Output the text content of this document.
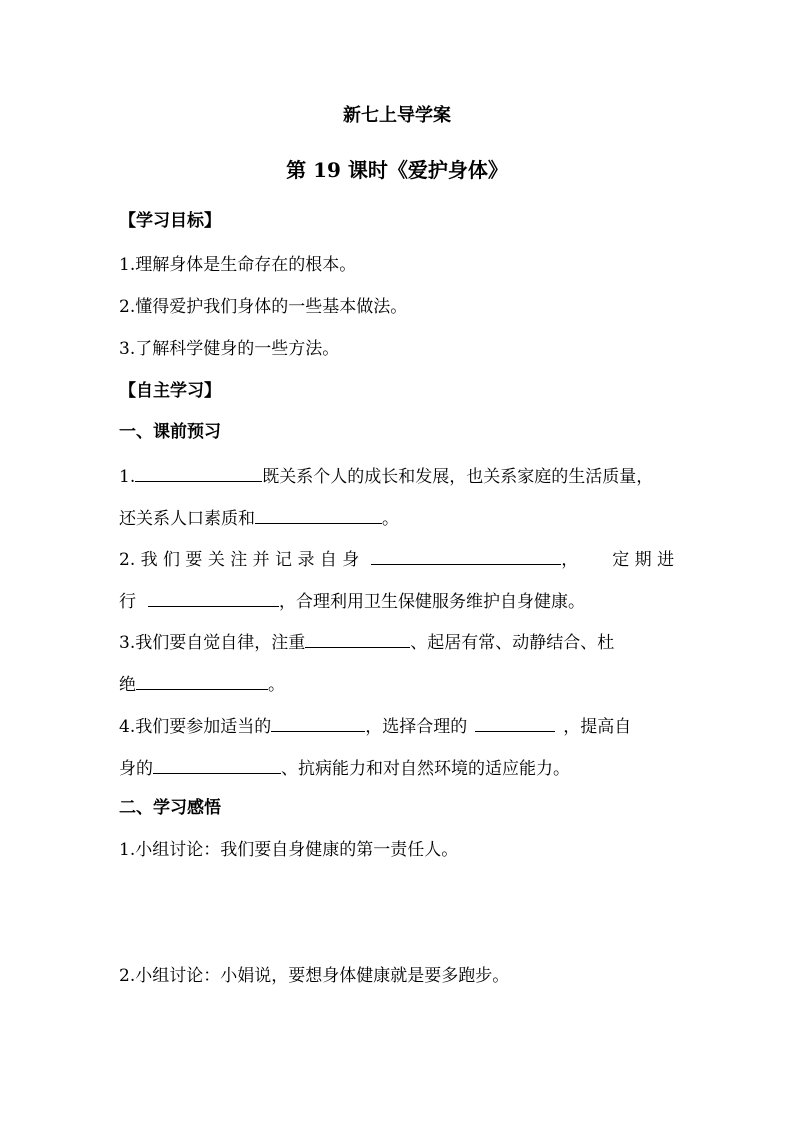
新七上导学案
第 19 课时《爱护身体》
【学习目标】
1.理解身体是生命存在的根本。
2.懂得爱护我们身体的一些基本做法。
3.了解科学健身的一些方法。
【自主学习】
一、课前预习
1.	既关系个人的成长和发展，也关系家庭的生活质量，
还关系人口素质和	。
2. 我 们 要 关 注 并 记 录 自 身	， 定 期 进
行	，合理利用卫生保健服务维护自身健康。
3.我们要自觉自律，注重	、起居有常、动静结合、杜
绝	。
4.我们要参加适当的	，选择合理的	，提高自
身的	、抗病能力和对自然环境的适应能力。
二、学习感悟
1.小组讨论：我们要自身健康的第一责任人。
2.小组讨论：小娟说，要想身体健康就是要多跑步。
